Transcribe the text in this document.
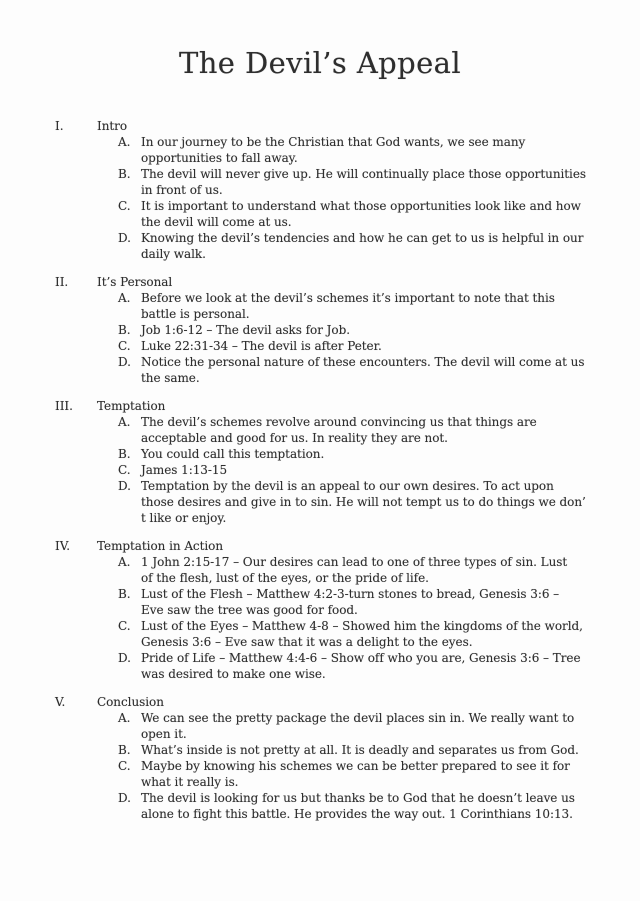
The Devil’s Appeal
I.	Intro
A. In our journey to be the Christian that God wants, we see many
opportunities to fall away.
B. The devil will never give up. He will continually place those opportunities
in front of us.
C. It is important to understand what those opportunities look like and how
the devil will come at us.
D. Knowing the devil’s tendencies and how he can get to us is helpful in our
daily walk.
II.	It’s Personal
A. Before we look at the devil’s schemes it’s important to note that this
battle is personal.
B. Job 1:6-12 – The devil asks for Job.
C. Luke 22:31-34 – The devil is after Peter.
D. Notice the personal nature of these encounters. The devil will come at us
the same.
III.	Temptation
A. The devil’s schemes revolve around convincing us that things are
acceptable and good for us. In reality they are not.
B. You could call this temptation.
C. James 1:13-15
D. Temptation by the devil is an appeal to our own desires. To act upon
those desires and give in to sin. He will not tempt us to do things we don’
t like or enjoy.
IV.	Temptation in Action
A. 1 John 2:15-17 – Our desires can lead to one of three types of sin. Lust
of the flesh, lust of the eyes, or the pride of life.
B. Lust of the Flesh – Matthew 4:2-3-turn stones to bread, Genesis 3:6 –
Eve saw the tree was good for food.
C. Lust of the Eyes – Matthew 4-8 – Showed him the kingdoms of the world,
Genesis 3:6 – Eve saw that it was a delight to the eyes.
D. Pride of Life – Matthew 4:4-6 – Show off who you are, Genesis 3:6 – Tree
was desired to make one wise.
V.	Conclusion
A. We can see the pretty package the devil places sin in. We really want to
open it.
B. What’s inside is not pretty at all. It is deadly and separates us from God.
C. Maybe by knowing his schemes we can be better prepared to see it for
what it really is.
D. The devil is looking for us but thanks be to God that he doesn’t leave us
alone to fight this battle. He provides the way out. 1 Corinthians 10:13.
